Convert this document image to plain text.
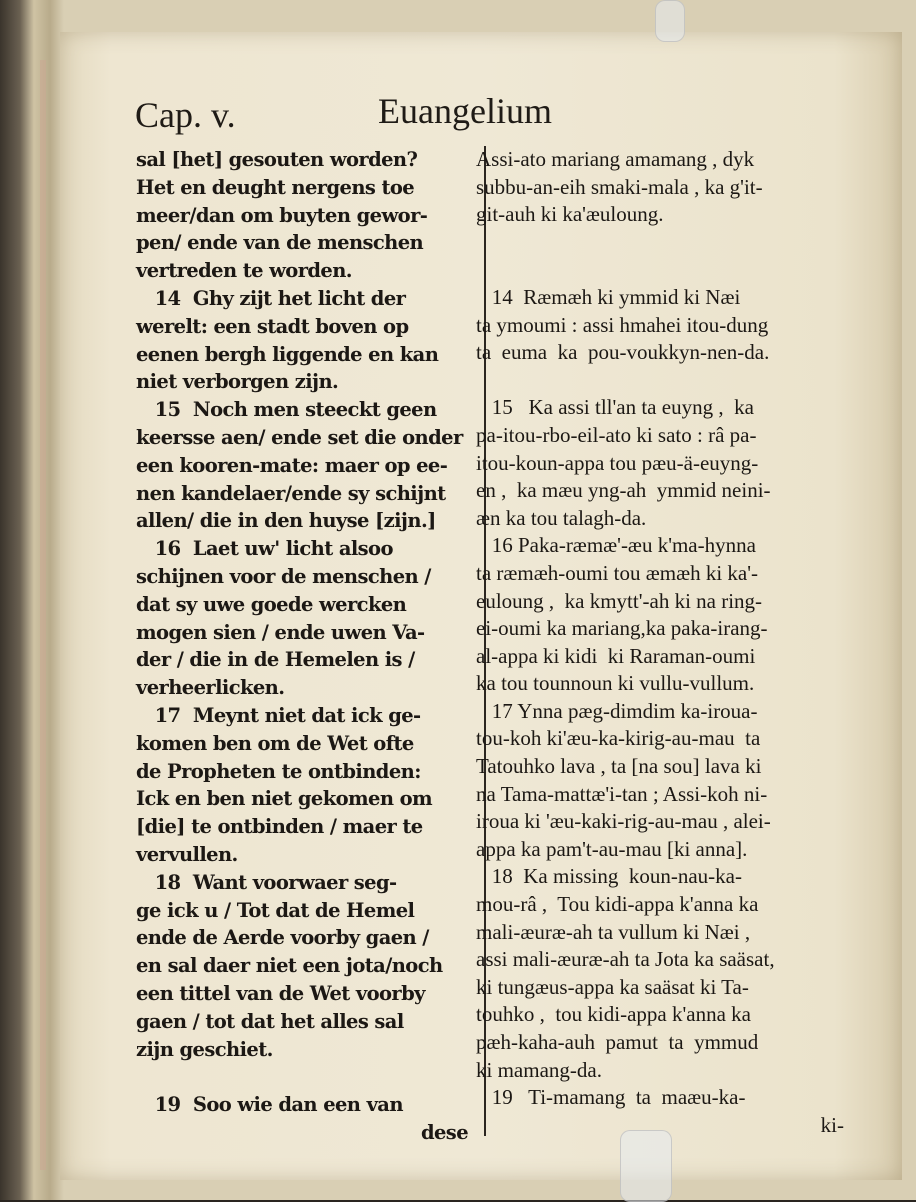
Cap. v.	Euangelium
sal [het] gesouten worden?
Het en deught nergens toe
meer/dan om buyten gewor-
pen/ ende van de menschen
vertreden te worden.
14  Ghy zijt het licht der
werelt: een stadt boven op
eenen bergh liggende en kan
niet verborgen zijn.
15  Noch men steeckt geen
keersse aen/ ende set die onder
een kooren-mate: maer op ee-
nen kandelaer/ende sy schijnt
allen/ die in den huyse [zijn.]
16  Laet uw' licht alsoo
schijnen voor de menschen /
dat sy uwe goede wercken
mogen sien / ende uwen Va-
der / die in de Hemelen is /
verheerlicken.
17  Meynt niet dat ick ge-
komen ben om de Wet ofte
de Propheten te ontbinden:
Ick en ben niet gekomen om
[die] te ontbinden / maer te
vervullen.
18  Want voorwaer seg-
ge ick u / Tot dat de Hemel
ende de Aerde voorby gaen /
en sal daer niet een jota/noch
een tittel van de Wet voorby
gaen / tot dat het alles sal
zijn geschiet.
19  Soo wie dan een van
dese
Assi-ato mariang amamang , dyk
subbu-an-eih smaki-mala , ka g'it-
git-auh ki ka'æuloung.
14  Ræmæh ki ymmid ki Næi
ta ymoumi : assi hmahei itou-dung
ta  euma  ka  pou-voukkyn-nen-da.
15   Ka assi tll'an ta euyng ,  ka
pa-itou-rbo-eil-ato ki sato : râ pa-
itou-koun-appa tou pæu-ä-euyng-
en ,  ka mæu yng-ah  ymmid neini-
æn ka tou talagh-da.
16 Paka-ræmæ'-æu k'ma-hynna
ta ræmæh-oumi tou æmæh ki ka'-
euloung ,  ka kmytt'-ah ki na ring-
ei-oumi ka mariang,ka paka-irang-
al-appa ki kidi  ki Raraman-oumi
ka tou tounnoun ki vullu-vullum.
17 Ynna pæg-dimdim ka-iroua-
tou-koh ki'æu-ka-kirig-au-mau  ta
Tatouhko lava , ta [na sou] lava ki
na Tama-mattæ'i-tan ; Assi-koh ni-
iroua ki 'æu-kaki-rig-au-mau , alei-
appa ka pam't-au-mau [ki anna].
18  Ka missing  koun-nau-ka-
mou-râ ,  Tou kidi-appa k'anna ka
mali-æuræ-ah ta vullum ki Næi ,
assi mali-æuræ-ah ta Jota ka saäsat,
ki tungæus-appa ka saäsat ki Ta-
touhko ,  tou kidi-appa k'anna ka
pæh-kaha-auh  pamut  ta  ymmud
ki mamang-da.
19   Ti-mamang  ta  maæu-ka-
ki-
